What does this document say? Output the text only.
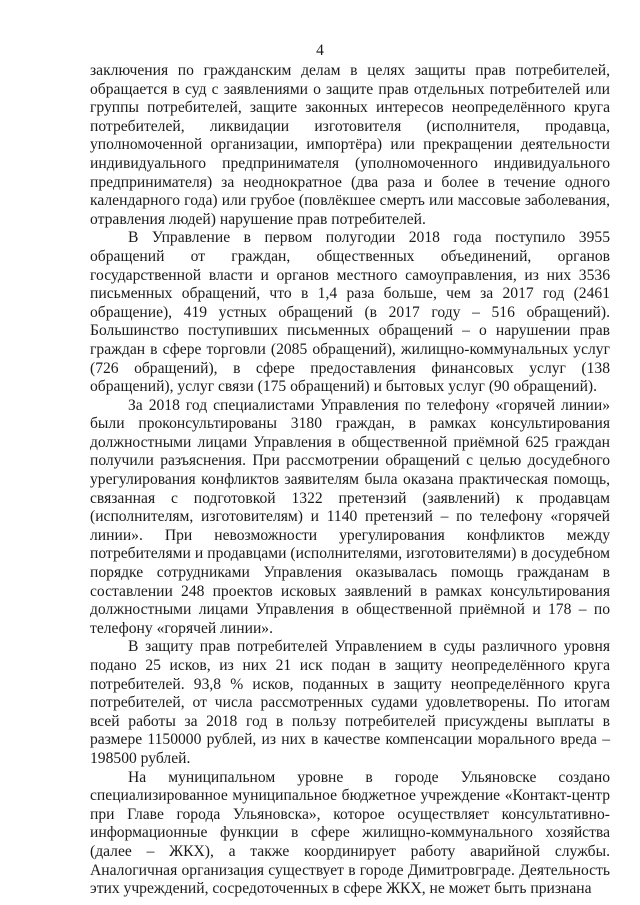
4

заключения по гражданским делам в целях защиты прав потребителей, обращается в суд с заявлениями о защите прав отдельных потребителей или группы потребителей, защите законных интересов неопределённого круга потребителей, ликвидации изготовителя (исполнителя, продавца, уполномоченной организации, импортёра) или прекращении деятельности индивидуального предпринимателя (уполномоченного индивидуального предпринимателя) за неоднократное (два раза и более в течение одного календарного года) или грубое (повлёкшее смерть или массовые заболевания, отравления людей) нарушение прав потребителей.

В Управление в первом полугодии 2018 года поступило 3955 обращений от граждан, общественных объединений, органов государственной власти и органов местного самоуправления, из них 3536 письменных обращений, что в 1,4 раза больше, чем за 2017 год (2461 обращение), 419 устных обращений (в 2017 году – 516 обращений). Большинство поступивших письменных обращений – о нарушении прав граждан в сфере торговли (2085 обращений), жилищно-коммунальных услуг (726 обращений), в сфере предоставления финансовых услуг (138 обращений), услуг связи (175 обращений) и бытовых услуг (90 обращений).

За 2018 год специалистами Управления по телефону «горячей линии» были проконсультированы 3180 граждан, в рамках консультирования должностными лицами Управления в общественной приёмной 625 граждан получили разъяснения. При рассмотрении обращений с целью досудебного урегулирования конфликтов заявителям была оказана практическая помощь, связанная с подготовкой 1322 претензий (заявлений) к продавцам (исполнителям, изготовителям) и 1140 претензий – по телефону «горячей линии». При невозможности урегулирования конфликтов между потребителями и продавцами (исполнителями, изготовителями) в досудебном порядке сотрудниками Управления оказывалась помощь гражданам в составлении 248 проектов исковых заявлений в рамках консультирования должностными лицами Управления в общественной приёмной и 178 – по телефону «горячей линии».

В защиту прав потребителей Управлением в суды различного уровня подано 25 исков, из них 21 иск подан в защиту неопределённого круга потребителей. 93,8 % исков, поданных в защиту неопределённого круга потребителей, от числа рассмотренных судами удовлетворены. По итогам всей работы за 2018 год в пользу потребителей присуждены выплаты в размере 1150000 рублей, из них в качестве компенсации морального вреда – 198500 рублей.

На муниципальном уровне в городе Ульяновске создано специализированное муниципальное бюджетное учреждение «Контакт-центр при Главе города Ульяновска», которое осуществляет консультативно-информационные функции в сфере жилищно-коммунального хозяйства (далее – ЖКХ), а также координирует работу аварийной службы. Аналогичная организация существует в городе Димитровграде. Деятельность этих учреждений, сосредоточенных в сфере ЖКХ, не может быть признана
